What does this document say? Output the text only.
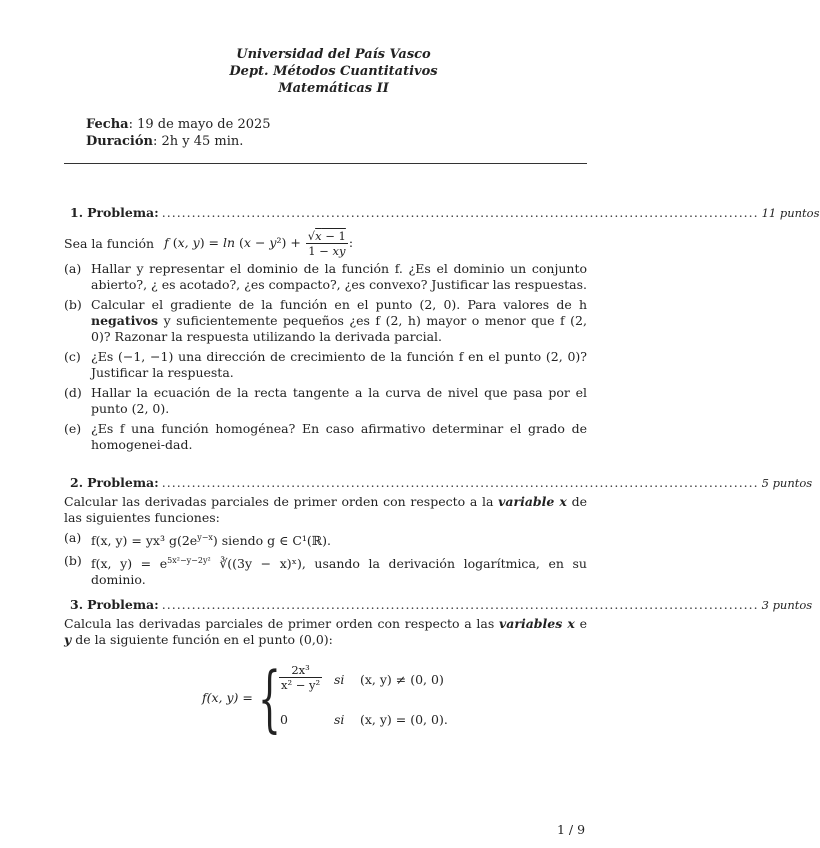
Universidad del País Vasco
Dept. Métodos Cuantitativos
Matemáticas II
Fecha: 19 de mayo de 2025
Duración: 2h y 45 min.
1. Problema: ........................................................................................................................ 11 puntos
Sea la función f (x, $y) = \ln (x - y^2) + \frac{√x - 1}{1 - xy}$ :
(a) Hallar y representar el dominio de la función f. ¿Es el dominio un conjunto abierto?, ¿ es acotado?, ¿es compacto?, ¿es convexo? Justificar las respuestas.
(b) Calcular el gradiente de la función en el punto (2, 0). Para valores de h negativos y suficientemente pequeños ¿es f (2, h) mayor o menor que f (2, 0)? Razonar la respuesta utilizando la derivada parcial.
(c) ¿Es (−1, −1) una dirección de crecimiento de la función f en el punto (2, 0)? Justificar la respuesta.
(d) Hallar la ecuación de la recta tangente a la curva de nivel que pasa por el punto (2, 0).
(e) ¿Es f una función homogénea? En caso afirmativo determinar el grado de homogenei-dad.
2. Problema: ........................................................................................................................ 5 puntos
Calcular las derivadas parciales de primer orden con respecto a la variable x de las siguientes funciones:
(a) f(x, y) = yx³ $g(2e^{y-x})$ siendo g ∈ C¹(ℝ).
(b) f(x, $y) = e^{5x^2-y-2y^2}$ ∛((3y − x)ˣ), usando la derivación logarítmica, en su dominio.
3. Problema: ........................................................................................................................ 3 puntos
Calcula las derivadas parciales de primer orden con respecto a las variables x e y de la siguiente función en el punto (0,0):
f(x, y) = {
$\frac{\text{2x³}}{\text{x² − y²}}$ si (x, y) ≠ (0, 0)
0	si (x, y) = (0, 0).
1 / 9
